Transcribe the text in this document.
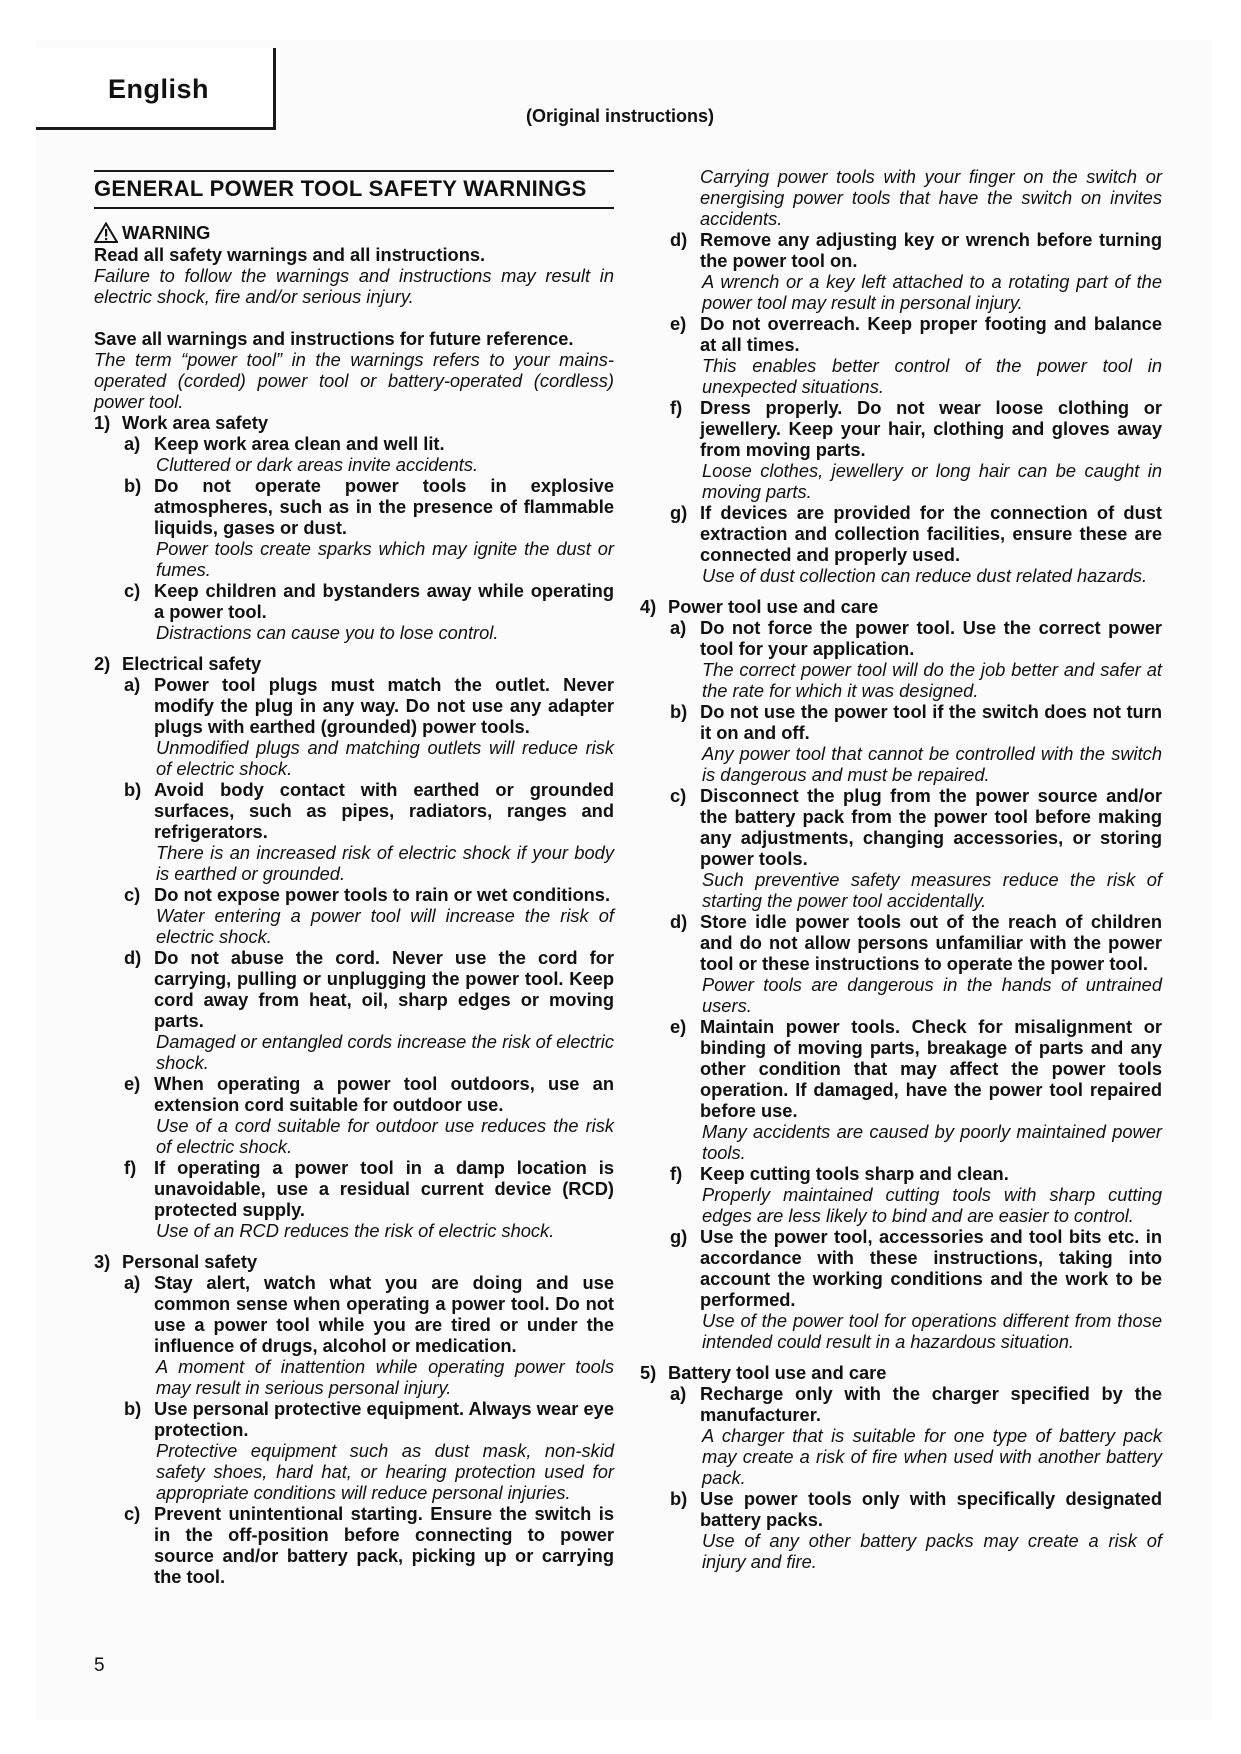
English
(Original instructions)
GENERAL POWER TOOL SAFETY WARNINGS
WARNING

Read all safety warnings and all instructions.

Failure to follow the warnings and instructions may result in electric shock, fire and/or serious injury.

Save all warnings and instructions for future reference.

The term “power tool” in the warnings refers to your mains-operated (corded) power tool or battery-operated (cordless) power tool.

1) Work area safety
a) Keep work area clean and well lit.

Cluttered or dark areas invite accidents.

b) Do not operate power tools in explosive atmospheres, such as in the presence of flammable liquids, gases or dust.

Power tools create sparks which may ignite the dust or fumes.

c) Keep children and bystanders away while operating a power tool.

Distractions can cause you to lose control.

2) Electrical safety
a) Power tool plugs must match the outlet. Never modify the plug in any way. Do not use any adapter plugs with earthed (grounded) power tools.

Unmodified plugs and matching outlets will reduce risk of electric shock.

b) Avoid body contact with earthed or grounded surfaces, such as pipes, radiators, ranges and refrigerators.

There is an increased risk of electric shock if your body is earthed or grounded.

c) Do not expose power tools to rain or wet conditions.

Water entering a power tool will increase the risk of electric shock.

d) Do not abuse the cord. Never use the cord for carrying, pulling or unplugging the power tool. Keep cord away from heat, oil, sharp edges or moving parts.

Damaged or entangled cords increase the risk of electric shock.

e) When operating a power tool outdoors, use an extension cord suitable for outdoor use.

Use of a cord suitable for outdoor use reduces the risk of electric shock.

f) If operating a power tool in a damp location is unavoidable, use a residual current device (RCD) protected supply.

Use of an RCD reduces the risk of electric shock.

3) Personal safety
a) Stay alert, watch what you are doing and use common sense when operating a power tool. Do not use a power tool while you are tired or under the influence of drugs, alcohol or medication.

A moment of inattention while operating power tools may result in serious personal injury.

b) Use personal protective equipment. Always wear eye protection.

Protective equipment such as dust mask, non-skid safety shoes, hard hat, or hearing protection used for appropriate conditions will reduce personal injuries.

c) Prevent unintentional starting. Ensure the switch is in the off-position before connecting to power source and/or battery pack, picking up or carrying the tool.

Carrying power tools with your finger on the switch or energising power tools that have the switch on invites accidents.

d) Remove any adjusting key or wrench before turning the power tool on.

A wrench or a key left attached to a rotating part of the power tool may result in personal injury.

e) Do not overreach. Keep proper footing and balance at all times.

This enables better control of the power tool in unexpected situations.

f) Dress properly. Do not wear loose clothing or jewellery. Keep your hair, clothing and gloves away from moving parts.

Loose clothes, jewellery or long hair can be caught in moving parts.

g) If devices are provided for the connection of dust extraction and collection facilities, ensure these are connected and properly used.

Use of dust collection can reduce dust related hazards.

4) Power tool use and care
a) Do not force the power tool. Use the correct power tool for your application.

The correct power tool will do the job better and safer at the rate for which it was designed.

b) Do not use the power tool if the switch does not turn it on and off.

Any power tool that cannot be controlled with the switch is dangerous and must be repaired.

c) Disconnect the plug from the power source and/or the battery pack from the power tool before making any adjustments, changing accessories, or storing power tools.

Such preventive safety measures reduce the risk of starting the power tool accidentally.

d) Store idle power tools out of the reach of children and do not allow persons unfamiliar with the power tool or these instructions to operate the power tool.

Power tools are dangerous in the hands of untrained users.

e) Maintain power tools. Check for misalignment or binding of moving parts, breakage of parts and any other condition that may affect the power tools operation. If damaged, have the power tool repaired before use.

Many accidents are caused by poorly maintained power tools.

f) Keep cutting tools sharp and clean.

Properly maintained cutting tools with sharp cutting edges are less likely to bind and are easier to control.

g) Use the power tool, accessories and tool bits etc. in accordance with these instructions, taking into account the working conditions and the work to be performed.

Use of the power tool for operations different from those intended could result in a hazardous situation.

5) Battery tool use and care
a) Recharge only with the charger specified by the manufacturer.

A charger that is suitable for one type of battery pack may create a risk of fire when used with another battery pack.

b) Use power tools only with specifically designated battery packs.

Use of any other battery packs may create a risk of injury and fire.

5
